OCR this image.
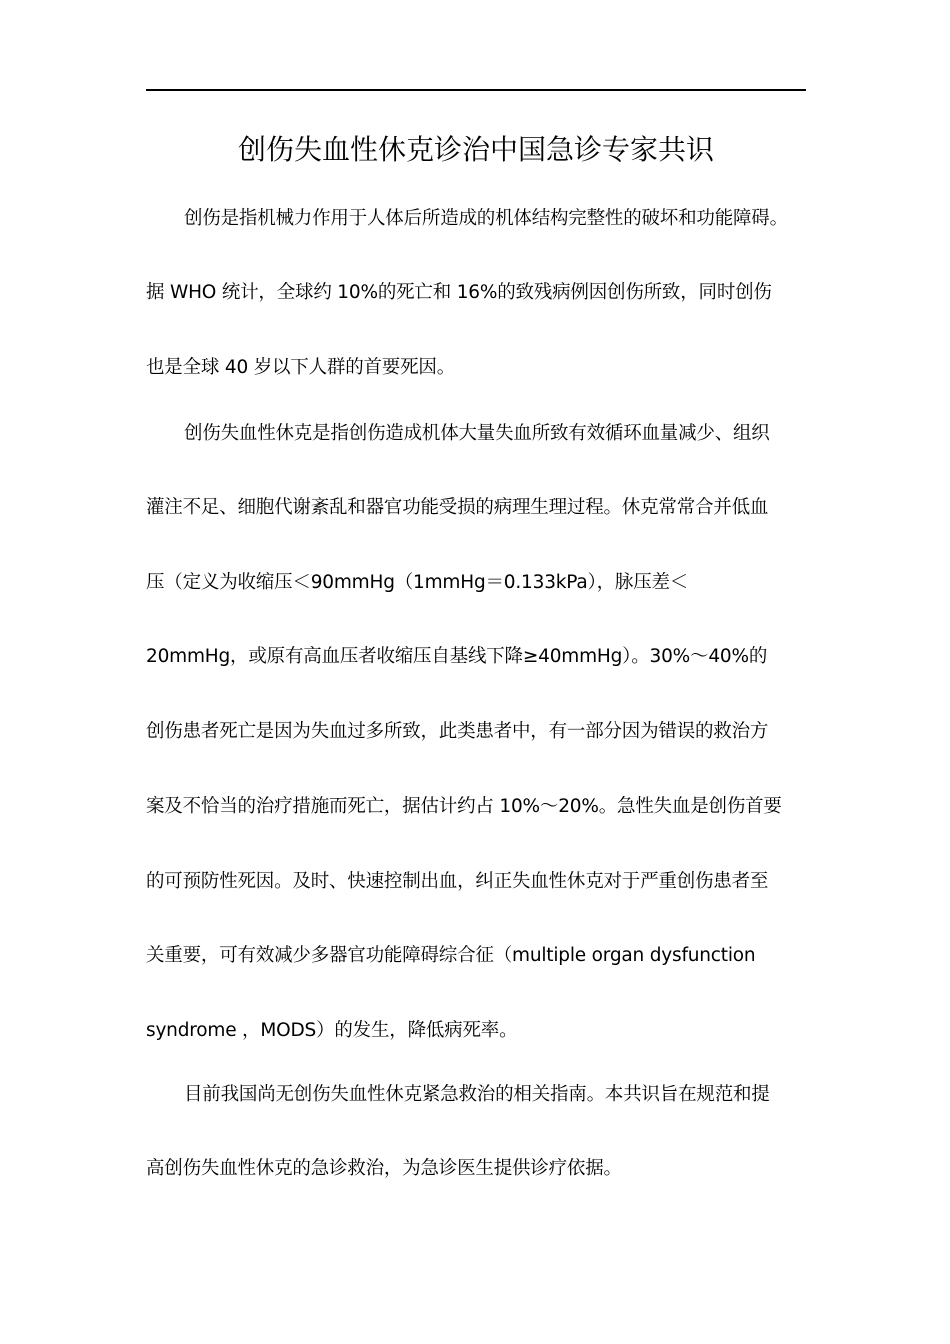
创伤失血性休克诊治中国急诊专家共识
创伤是指机械力作用于人体后所造成的机体结构完整性的破坏和功能障碍。
据 WHO 统计，全球约 10%的死亡和 16%的致残病例因创伤所致，同时创伤
也是全球 40 岁以下人群的首要死因。
创伤失血性休克是指创伤造成机体大量失血所致有效循环血量减少、组织
灌注不足、细胞代谢紊乱和器官功能受损的病理生理过程。休克常常合并低血
压（定义为收缩压＜90mmHg（1mmHg＝0.133kPa），脉压差＜
20mmHg，或原有高血压者收缩压自基线下降≥40mmHg）。30%～40%的
创伤患者死亡是因为失血过多所致，此类患者中，有一部分因为错误的救治方
案及不恰当的治疗措施而死亡，据估计约占 10%～20%。急性失血是创伤首要
的可预防性死因。及时、快速控制出血，纠正失血性休克对于严重创伤患者至
关重要，可有效减少多器官功能障碍综合征（multiple organ dysfunction
syndrome ，MODS）的发生，降低病死率。
目前我国尚无创伤失血性休克紧急救治的相关指南。本共识旨在规范和提
高创伤失血性休克的急诊救治，为急诊医生提供诊疗依据。
